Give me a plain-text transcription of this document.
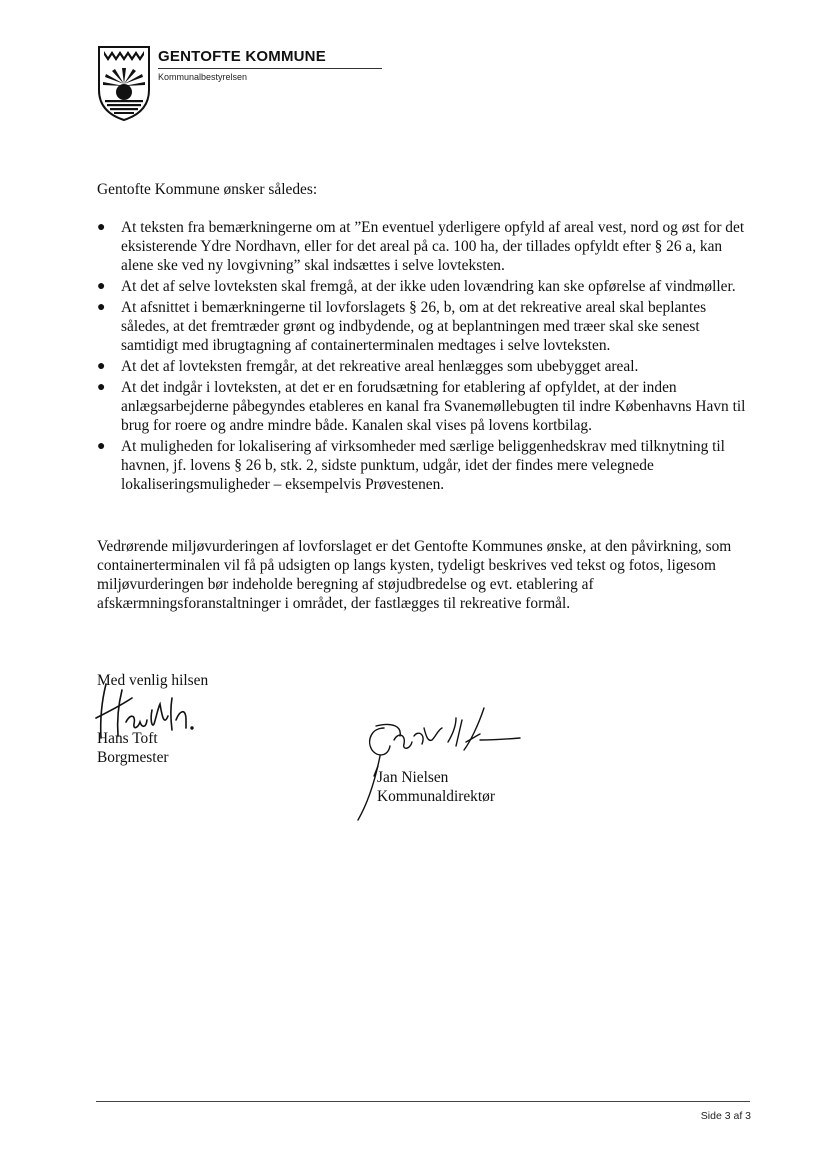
GENTOFTE KOMMUNE
Kommunalbestyrelsen
Gentofte Kommune ønsker således:
●	At teksten fra bemærkningerne om at ”En eventuel yderligere opfyld af areal vest, nord og øst for det eksisterende Ydre Nordhavn, eller for det areal på ca. 100 ha, der tillades opfyldt efter § 26 a, kan alene ske ved ny lovgivning” skal indsættes i selve lovteksten.
●	At det af selve lovteksten skal fremgå, at der ikke uden lovændring kan ske opførelse af vindmøller.
●	At afsnittet i bemærkningerne til lovforslagets § 26, b, om at det rekreative areal skal beplantes således, at det fremtræder grønt og indbydende, og at beplantningen med træer skal ske senest samtidigt med ibrugtagning af containerterminalen medtages i selve lovteksten.
●	At det af lovteksten fremgår, at det rekreative areal henlægges som ubebygget areal.
●	At det indgår i lovteksten, at det er en forudsætning for etablering af opfyldet, at der inden anlægsarbejderne påbegyndes etableres en kanal fra Svanemøllebugten til indre Københavns Havn til brug for roere og andre mindre både. Kanalen skal vises på lovens kortbilag.
●	At muligheden for lokalisering af virksomheder med særlige beliggenhedskrav med tilknytning til havnen, jf. lovens § 26 b, stk. 2, sidste punktum, udgår, idet der findes mere velegnede lokaliseringsmuligheder – eksempelvis Prøvestenen.
Vedrørende miljøvurderingen af lovforslaget er det Gentofte Kommunes ønske, at den påvirkning, som containerterminalen vil få på udsigten op langs kysten, tydeligt beskrives ved tekst og fotos, ligesom miljøvurderingen bør indeholde beregning af støjudbredelse og evt. etablering af afskærmningsforanstaltninger i området, der fastlægges til rekreative formål.
Med venlig hilsen
Hans Toft
Borgmester
Jan Nielsen
Kommunaldirektør
Side 3 af 3
